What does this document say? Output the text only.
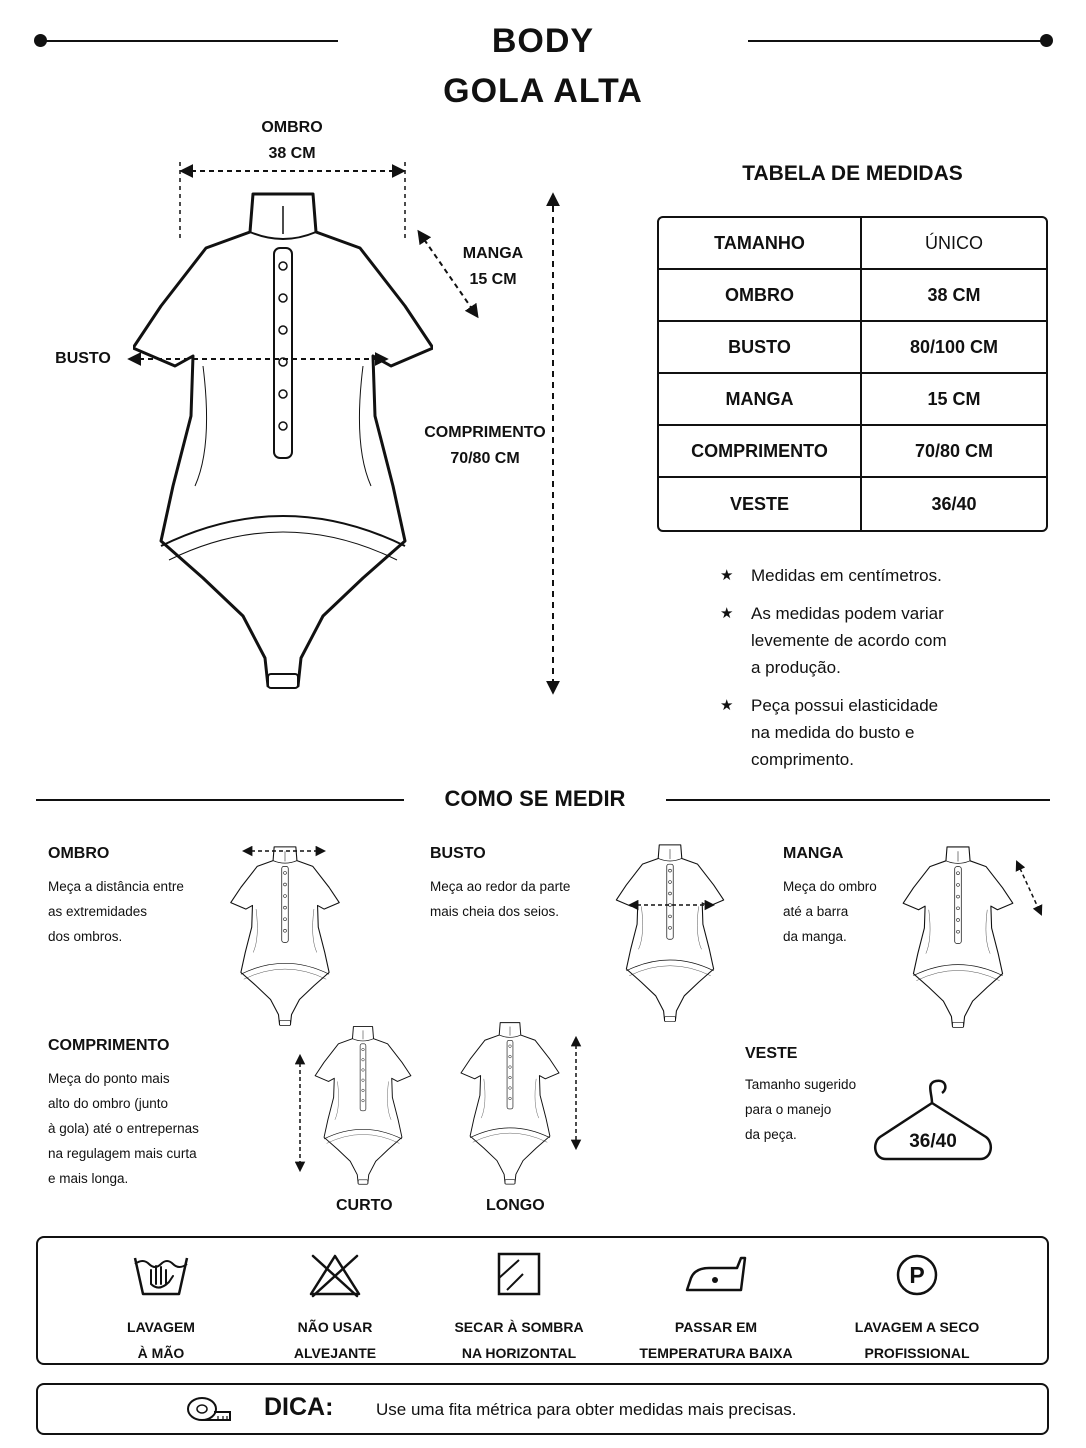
BODY
GOLA ALTA
OMBRO
38 CM
MANGA
15 CM
BUSTO
COMPRIMENTO
70/80 CM
TABELA DE MEDIDAS
TAMANHO	ÚNICO
OMBRO	38 CM
BUSTO	80/100 CM
MANGA	15 CM
COMPRIMENTO	70/80 CM
VESTE	36/40
★ Medidas em centímetros.
★ As medidas podem variar
levemente de acordo com
a produção.
★ Peça possui elasticidade
na medida do busto e
comprimento.
COMO SE MEDIR
OMBRO
Meça a distância entre
as extremidades
dos ombros.
BUSTO
Meça ao redor da parte
mais cheia dos seios.
MANGA
Meça do ombro
até a barra
da manga.
COMPRIMENTO
Meça do ponto mais
alto do ombro (junto
à gola) até o entrepernas
na regulagem mais curta
e mais longa.
CURTO	LONGO
VESTE
Tamanho sugerido
para o manejo
da peça.	36/40
LAVAGEM
À MÃO
NÃO USAR
ALVEJANTE
SECAR À SOMBRA
NA HORIZONTAL
PASSAR EM
TEMPERATURA BAIXA
P
LAVAGEM A SECO
PROFISSIONAL
DICA:	Use uma fita métrica para obter medidas mais precisas.
